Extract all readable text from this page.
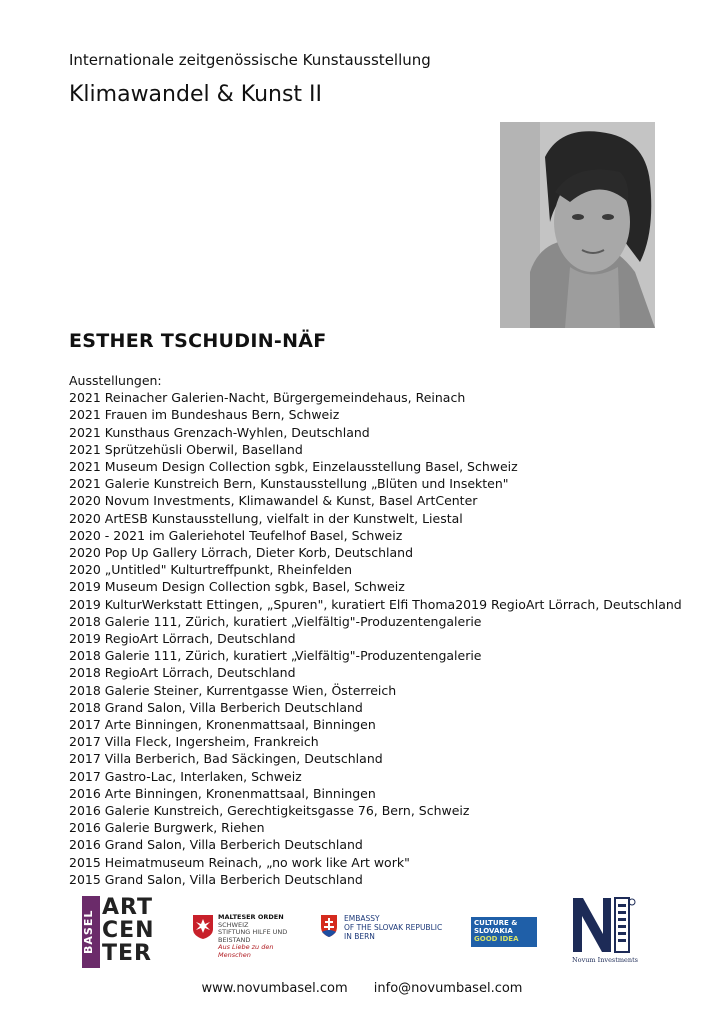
Internationale zeitgenössische Kunstausstellung
Klimawandel & Kunst II
ESTHER TSCHUDIN-NÄF
Ausstellungen:
2021 Reinacher Galerien-Nacht, Bürgergemeindehaus, Reinach
2021 Frauen im Bundeshaus Bern, Schweiz
2021 Kunsthaus Grenzach-Wyhlen, Deutschland
2021 Sprützehüsli Oberwil, Baselland
2021 Museum Design Collection sgbk, Einzelausstellung Basel, Schweiz
2021 Galerie Kunstreich Bern, Kunstausstellung „Blüten und Insekten"
2020 Novum Investments, Klimawandel & Kunst, Basel ArtCenter
2020 ArtESB Kunstausstellung, vielfalt in der Kunstwelt, Liestal
2020 - 2021 im Galeriehotel Teufelhof Basel, Schweiz
2020 Pop Up Gallery Lörrach, Dieter Korb, Deutschland
2020 „Untitled" Kulturtreffpunkt, Rheinfelden
2019 Museum Design Collection sgbk, Basel, Schweiz
2019 KulturWerkstatt Ettingen, „Spuren", kuratiert Elfi Thoma2019 RegioArt Lörrach, Deutschland
2018 Galerie 111, Zürich, kuratiert „Vielfältig"-Produzentengalerie
2019 RegioArt Lörrach, Deutschland
2018 Galerie 111, Zürich, kuratiert „Vielfältig"-Produzentengalerie
2018 RegioArt Lörrach, Deutschland
2018 Galerie Steiner, Kurrentgasse Wien, Österreich
2018 Grand Salon, Villa Berberich Deutschland
2017 Arte Binningen, Kronenmattsaal, Binningen
2017 Villa Fleck, Ingersheim, Frankreich
2017 Villa Berberich, Bad Säckingen, Deutschland
2017 Gastro-Lac, Interlaken, Schweiz
2016 Arte Binningen, Kronenmattsaal, Binningen
2016 Galerie Kunstreich, Gerechtigkeitsgasse 76, Bern, Schweiz
2016 Galerie Burgwerk, Riehen
2016 Grand Salon, Villa Berberich Deutschland
2015 Heimatmuseum Reinach, „no work like Art work"
2015 Grand Salon, Villa Berberich Deutschland
BASEL
ART
CEN
TER
MALTESER ORDEN
SCHWEIZ
STIFTUNG HILFE UND BEISTAND
Aus Liebe zu den Menschen
EMBASSY
OF THE SLOVAK REPUBLIC
IN BERN
CULTURE &
SLOVAKIA
GOOD IDEA
Novum Investments
www.novumbasel.com info@novumbasel.com
